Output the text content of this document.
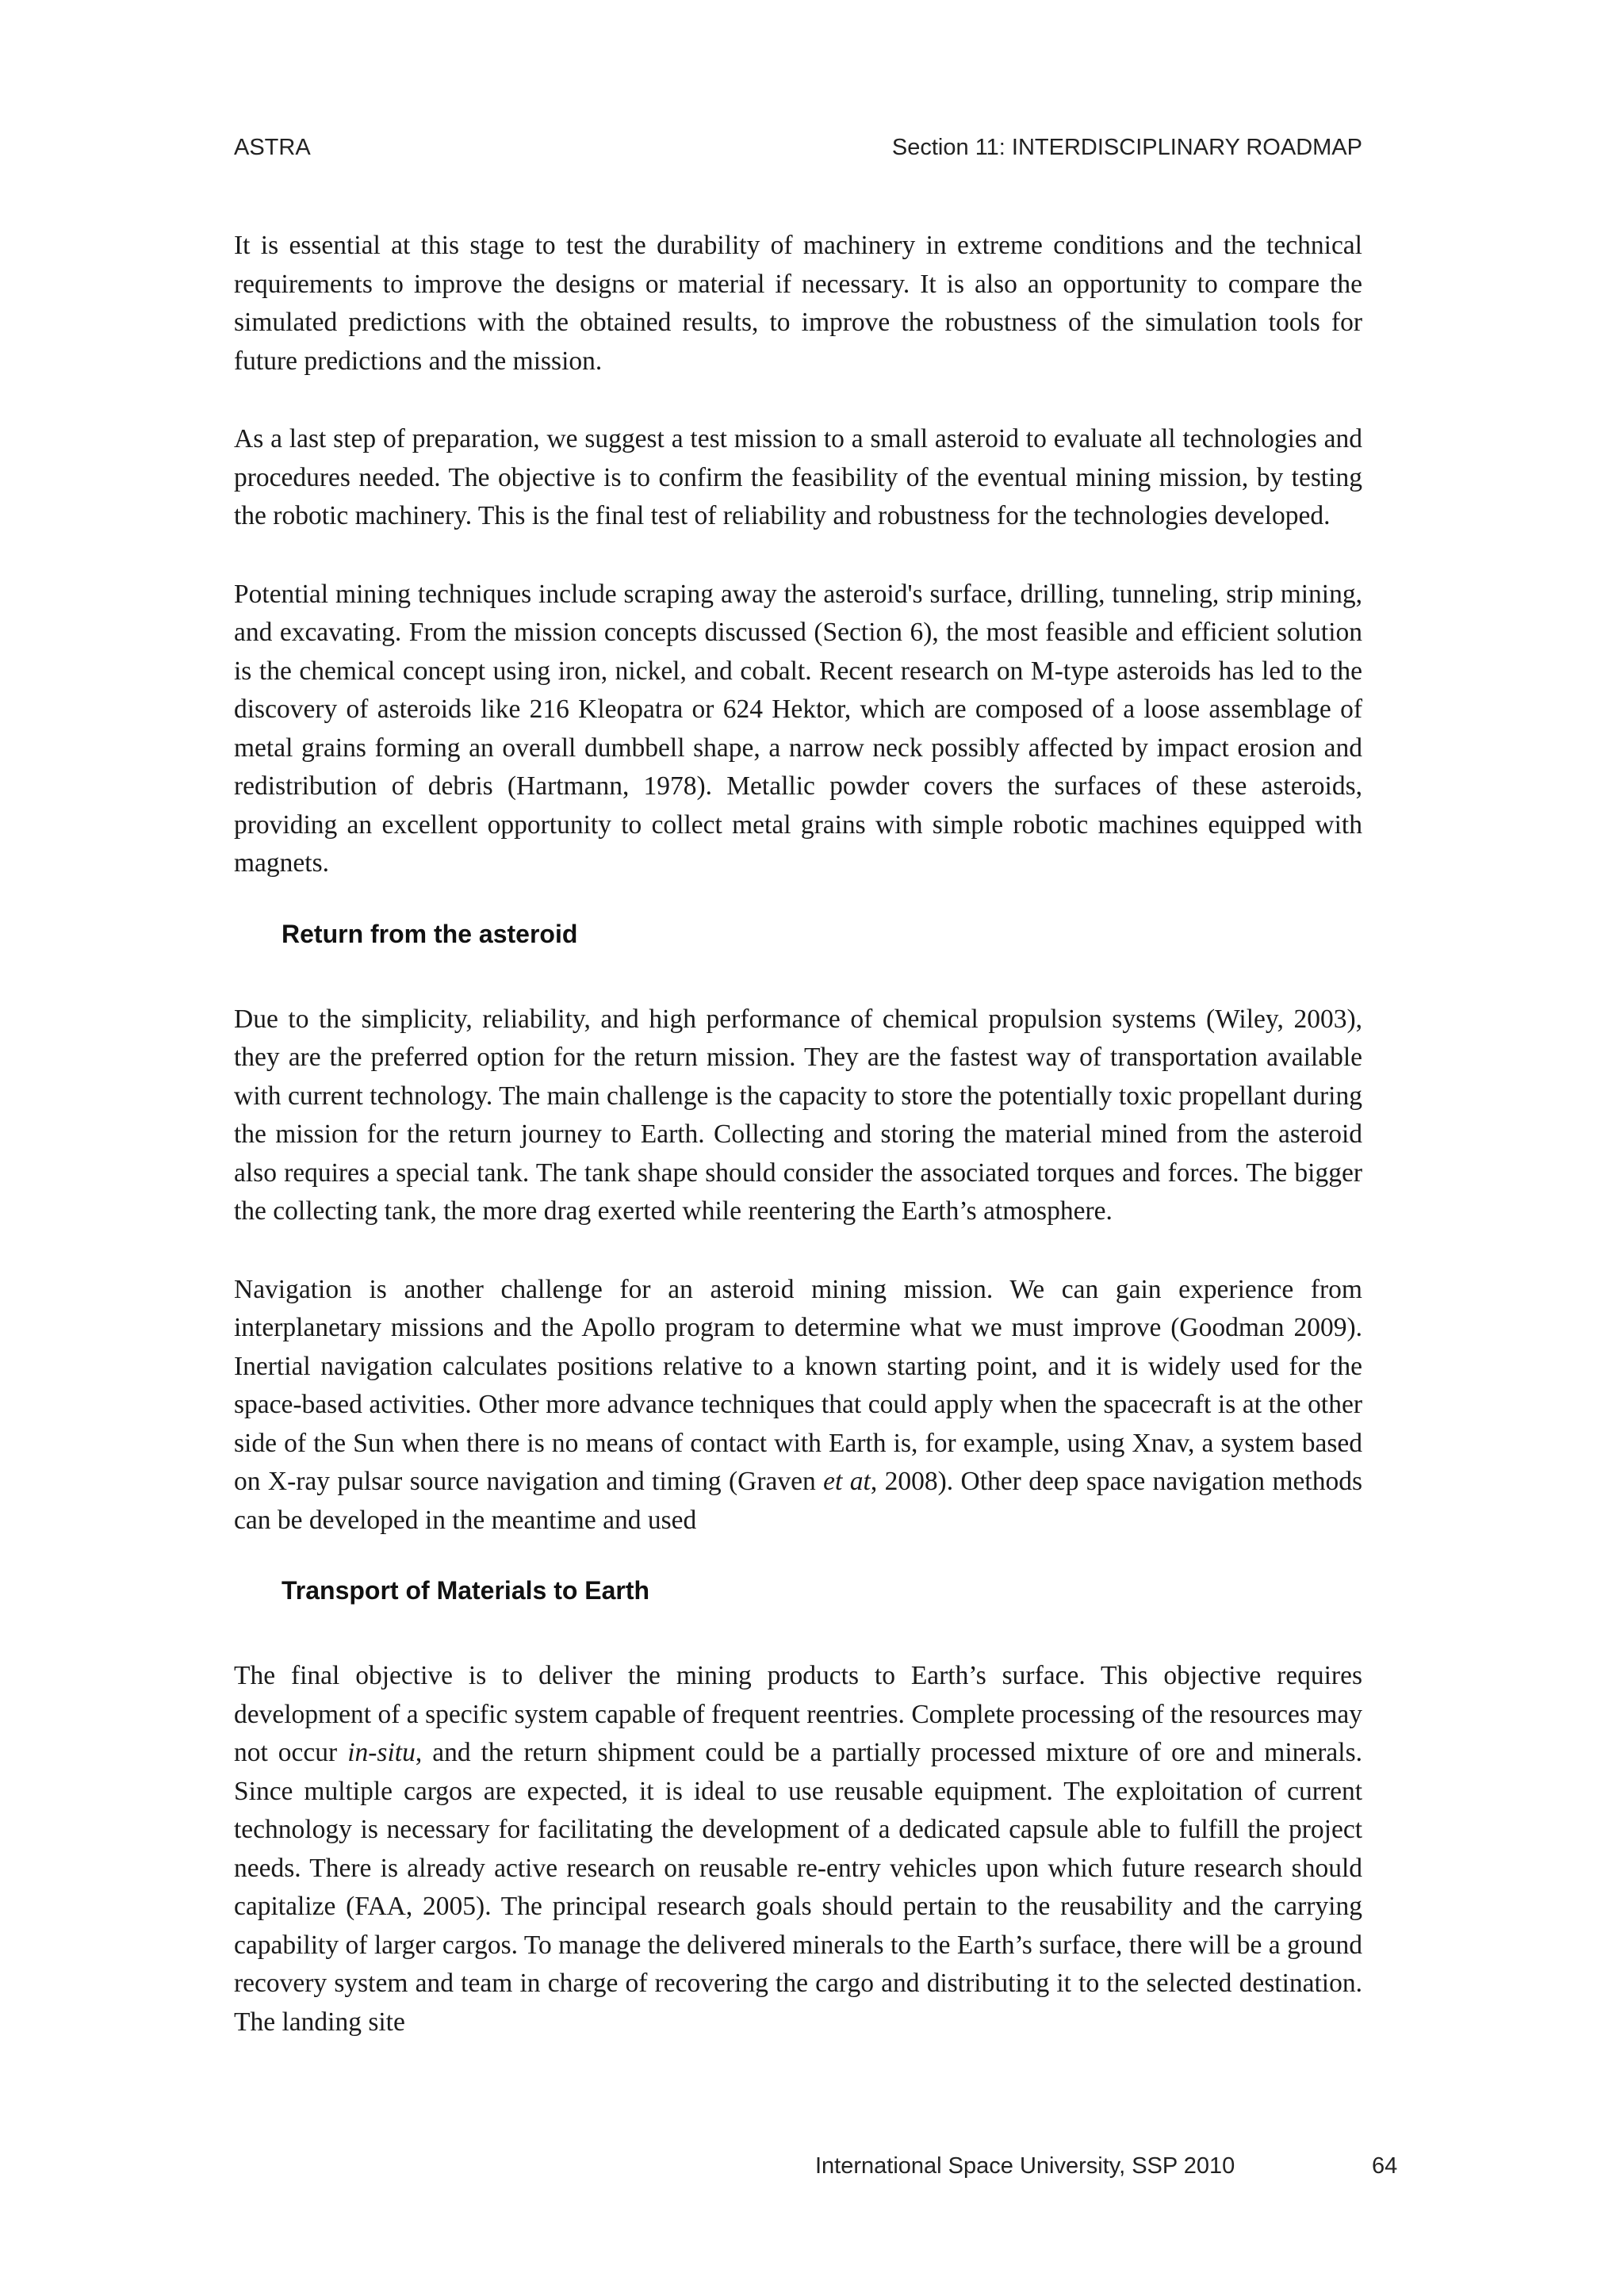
ASTRA	Section 11: INTERDISCIPLINARY ROADMAP

It is essential at this stage to test the durability of machinery in extreme conditions and the technical requirements to improve the designs or material if necessary. It is also an opportunity to compare the simulated predictions with the obtained results, to improve the robustness of the simulation tools for future predictions and the mission.

As a last step of preparation, we suggest a test mission to a small asteroid to evaluate all technologies and procedures needed. The objective is to confirm the feasibility of the eventual mining mission, by testing the robotic machinery. This is the final test of reliability and robustness for the technologies developed.

Potential mining techniques include scraping away the asteroid's surface, drilling, tunneling, strip mining, and excavating. From the mission concepts discussed (Section 6), the most feasible and efficient solution is the chemical concept using iron, nickel, and cobalt. Recent research on M-type asteroids has led to the discovery of asteroids like 216 Kleopatra or 624 Hektor, which are composed of a loose assemblage of metal grains forming an overall dumbbell shape, a narrow neck possibly affected by impact erosion and redistribution of debris (Hartmann, 1978). Metallic powder covers the surfaces of these asteroids, providing an excellent opportunity to collect metal grains with simple robotic machines equipped with magnets.

Return from the asteroid

Due to the simplicity, reliability, and high performance of chemical propulsion systems (Wiley, 2003), they are the preferred option for the return mission. They are the fastest way of transportation available with current technology. The main challenge is the capacity to store the potentially toxic propellant during the mission for the return journey to Earth. Collecting and storing the material mined from the asteroid also requires a special tank. The tank shape should consider the associated torques and forces. The bigger the collecting tank, the more drag exerted while reentering the Earth’s atmosphere.

Navigation is another challenge for an asteroid mining mission. We can gain experience from interplanetary missions and the Apollo program to determine what we must improve (Goodman 2009). Inertial navigation calculates positions relative to a known starting point, and it is widely used for the space-based activities. Other more advance techniques that could apply when the spacecraft is at the other side of the Sun when there is no means of contact with Earth is, for example, using Xnav, a system based on X-ray pulsar source navigation and timing (Graven et at, 2008). Other deep space navigation methods can be developed in the meantime and used

Transport of Materials to Earth

The final objective is to deliver the mining products to Earth’s surface. This objective requires development of a specific system capable of frequent reentries. Complete processing of the resources may not occur in-situ, and the return shipment could be a partially processed mixture of ore and minerals. Since multiple cargos are expected, it is ideal to use reusable equipment. The exploitation of current technology is necessary for facilitating the development of a dedicated capsule able to fulfill the project needs. There is already active research on reusable re-entry vehicles upon which future research should capitalize (FAA, 2005). The principal research goals should pertain to the reusability and the carrying capability of larger cargos. To manage the delivered minerals to the Earth’s surface, there will be a ground recovery system and team in charge of recovering the cargo and distributing it to the selected destination. The landing site

International Space University, SSP 2010	64
